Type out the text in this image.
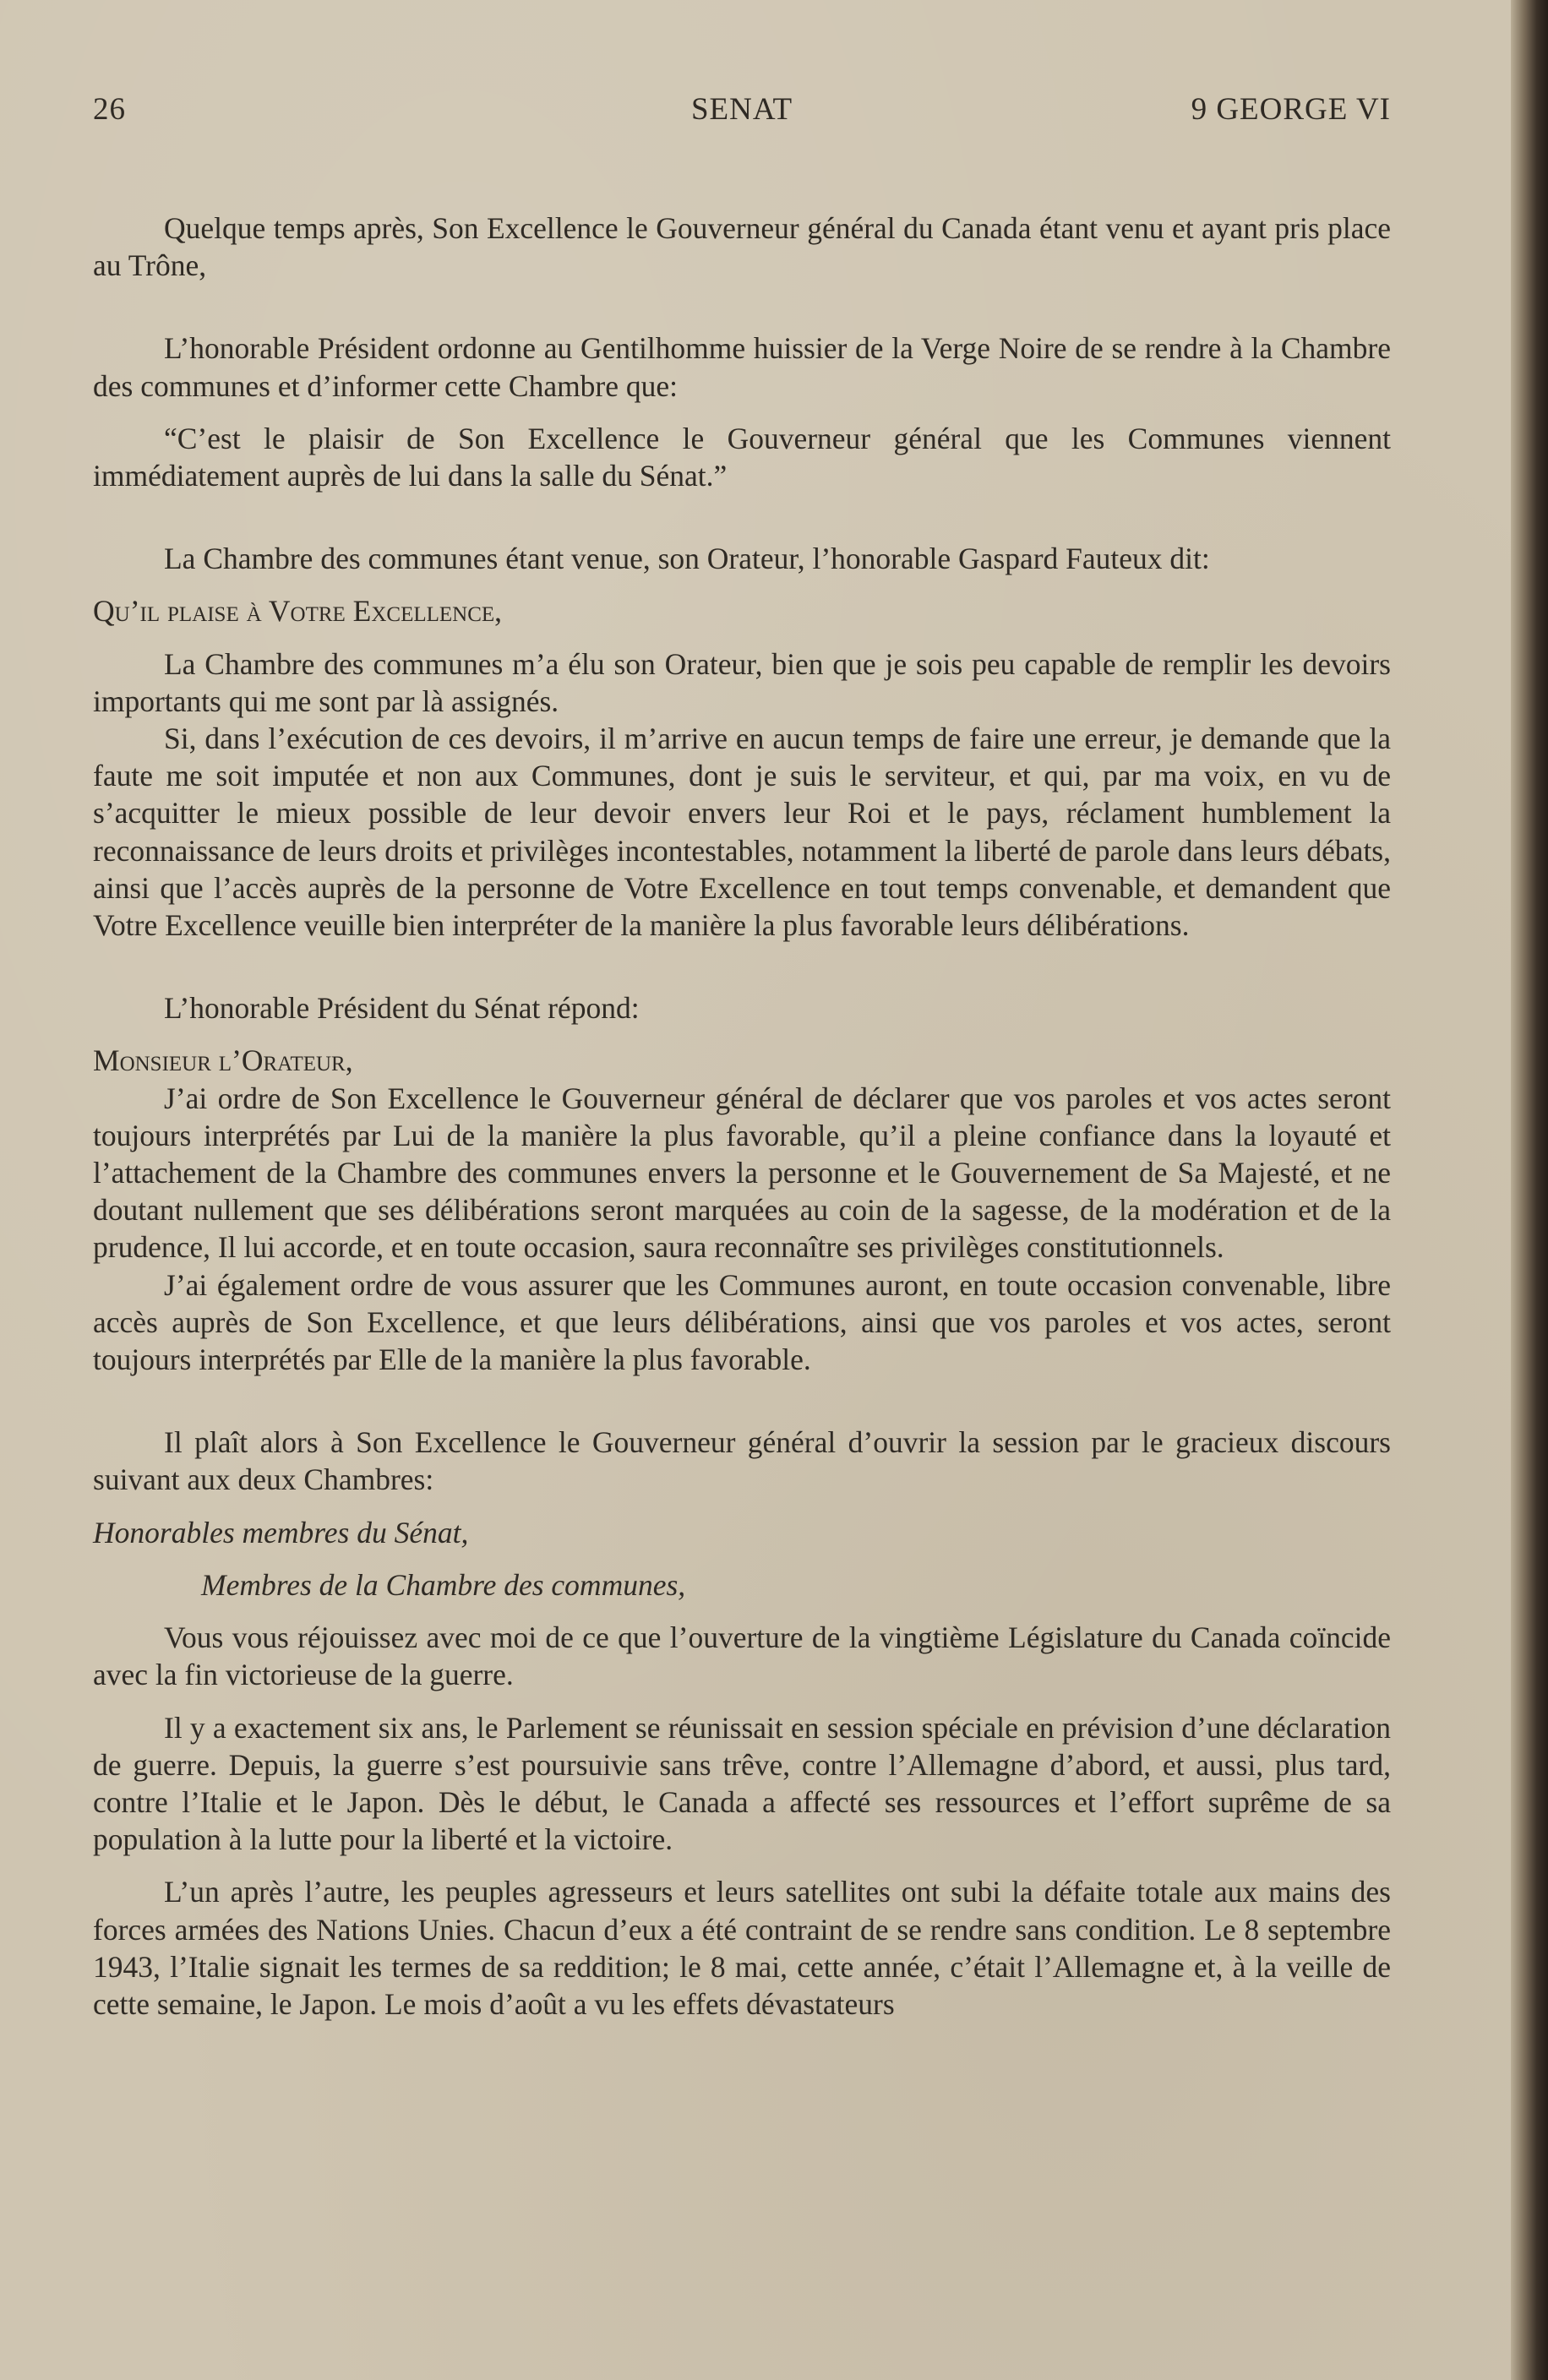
26	SENAT	9 GEORGE VI

Quelque temps après, Son Excellence le Gouverneur général du Canada étant venu et ayant pris place au Trône,

L’honorable Président ordonne au Gentilhomme huissier de la Verge Noire de se rendre à la Chambre des communes et d’informer cette Chambre que:

“C’est le plaisir de Son Excellence le Gouverneur général que les Communes viennent immédiatement auprès de lui dans la salle du Sénat.”

La Chambre des communes étant venue, son Orateur, l’honorable Gaspard Fauteux dit:

Qu’il plaise à Votre Excellence,

La Chambre des communes m’a élu son Orateur, bien que je sois peu capable de remplir les devoirs importants qui me sont par là assignés.

Si, dans l’exécution de ces devoirs, il m’arrive en aucun temps de faire une erreur, je demande que la faute me soit imputée et non aux Communes, dont je suis le serviteur, et qui, par ma voix, en vu de s’acquitter le mieux possible de leur devoir envers leur Roi et le pays, réclament humblement la reconnaissance de leurs droits et privilèges incontestables, notamment la liberté de parole dans leurs débats, ainsi que l’accès auprès de la personne de Votre Excellence en tout temps convenable, et demandent que Votre Excellence veuille bien interpréter de la manière la plus favorable leurs délibérations.

L’honorable Président du Sénat répond:

Monsieur l’Orateur,

J’ai ordre de Son Excellence le Gouverneur général de déclarer que vos paroles et vos actes seront toujours interprétés par Lui de la manière la plus favorable, qu’il a pleine confiance dans la loyauté et l’attachement de la Chambre des communes envers la personne et le Gouvernement de Sa Majesté, et ne doutant nullement que ses délibérations seront marquées au coin de la sagesse, de la modération et de la prudence, Il lui accorde, et en toute occasion, saura reconnaître ses privilèges constitutionnels.

J’ai également ordre de vous assurer que les Communes auront, en toute occasion convenable, libre accès auprès de Son Excellence, et que leurs délibérations, ainsi que vos paroles et vos actes, seront toujours interprétés par Elle de la manière la plus favorable.

Il plaît alors à Son Excellence le Gouverneur général d’ouvrir la session par le gracieux discours suivant aux deux Chambres:

Honorables membres du Sénat,

Membres de la Chambre des communes,

Vous vous réjouissez avec moi de ce que l’ouverture de la vingtième Législature du Canada coïncide avec la fin victorieuse de la guerre.

Il y a exactement six ans, le Parlement se réunissait en session spéciale en prévision d’une déclaration de guerre. Depuis, la guerre s’est poursuivie sans trêve, contre l’Allemagne d’abord, et aussi, plus tard, contre l’Italie et le Japon. Dès le début, le Canada a affecté ses ressources et l’effort suprême de sa population à la lutte pour la liberté et la victoire.

L’un après l’autre, les peuples agresseurs et leurs satellites ont subi la défaite totale aux mains des forces armées des Nations Unies. Chacun d’eux a été contraint de se rendre sans condition. Le 8 septembre 1943, l’Italie signait les termes de sa reddition; le 8 mai, cette année, c’était l’Allemagne et, à la veille de cette semaine, le Japon. Le mois d’août a vu les effets dévastateurs
